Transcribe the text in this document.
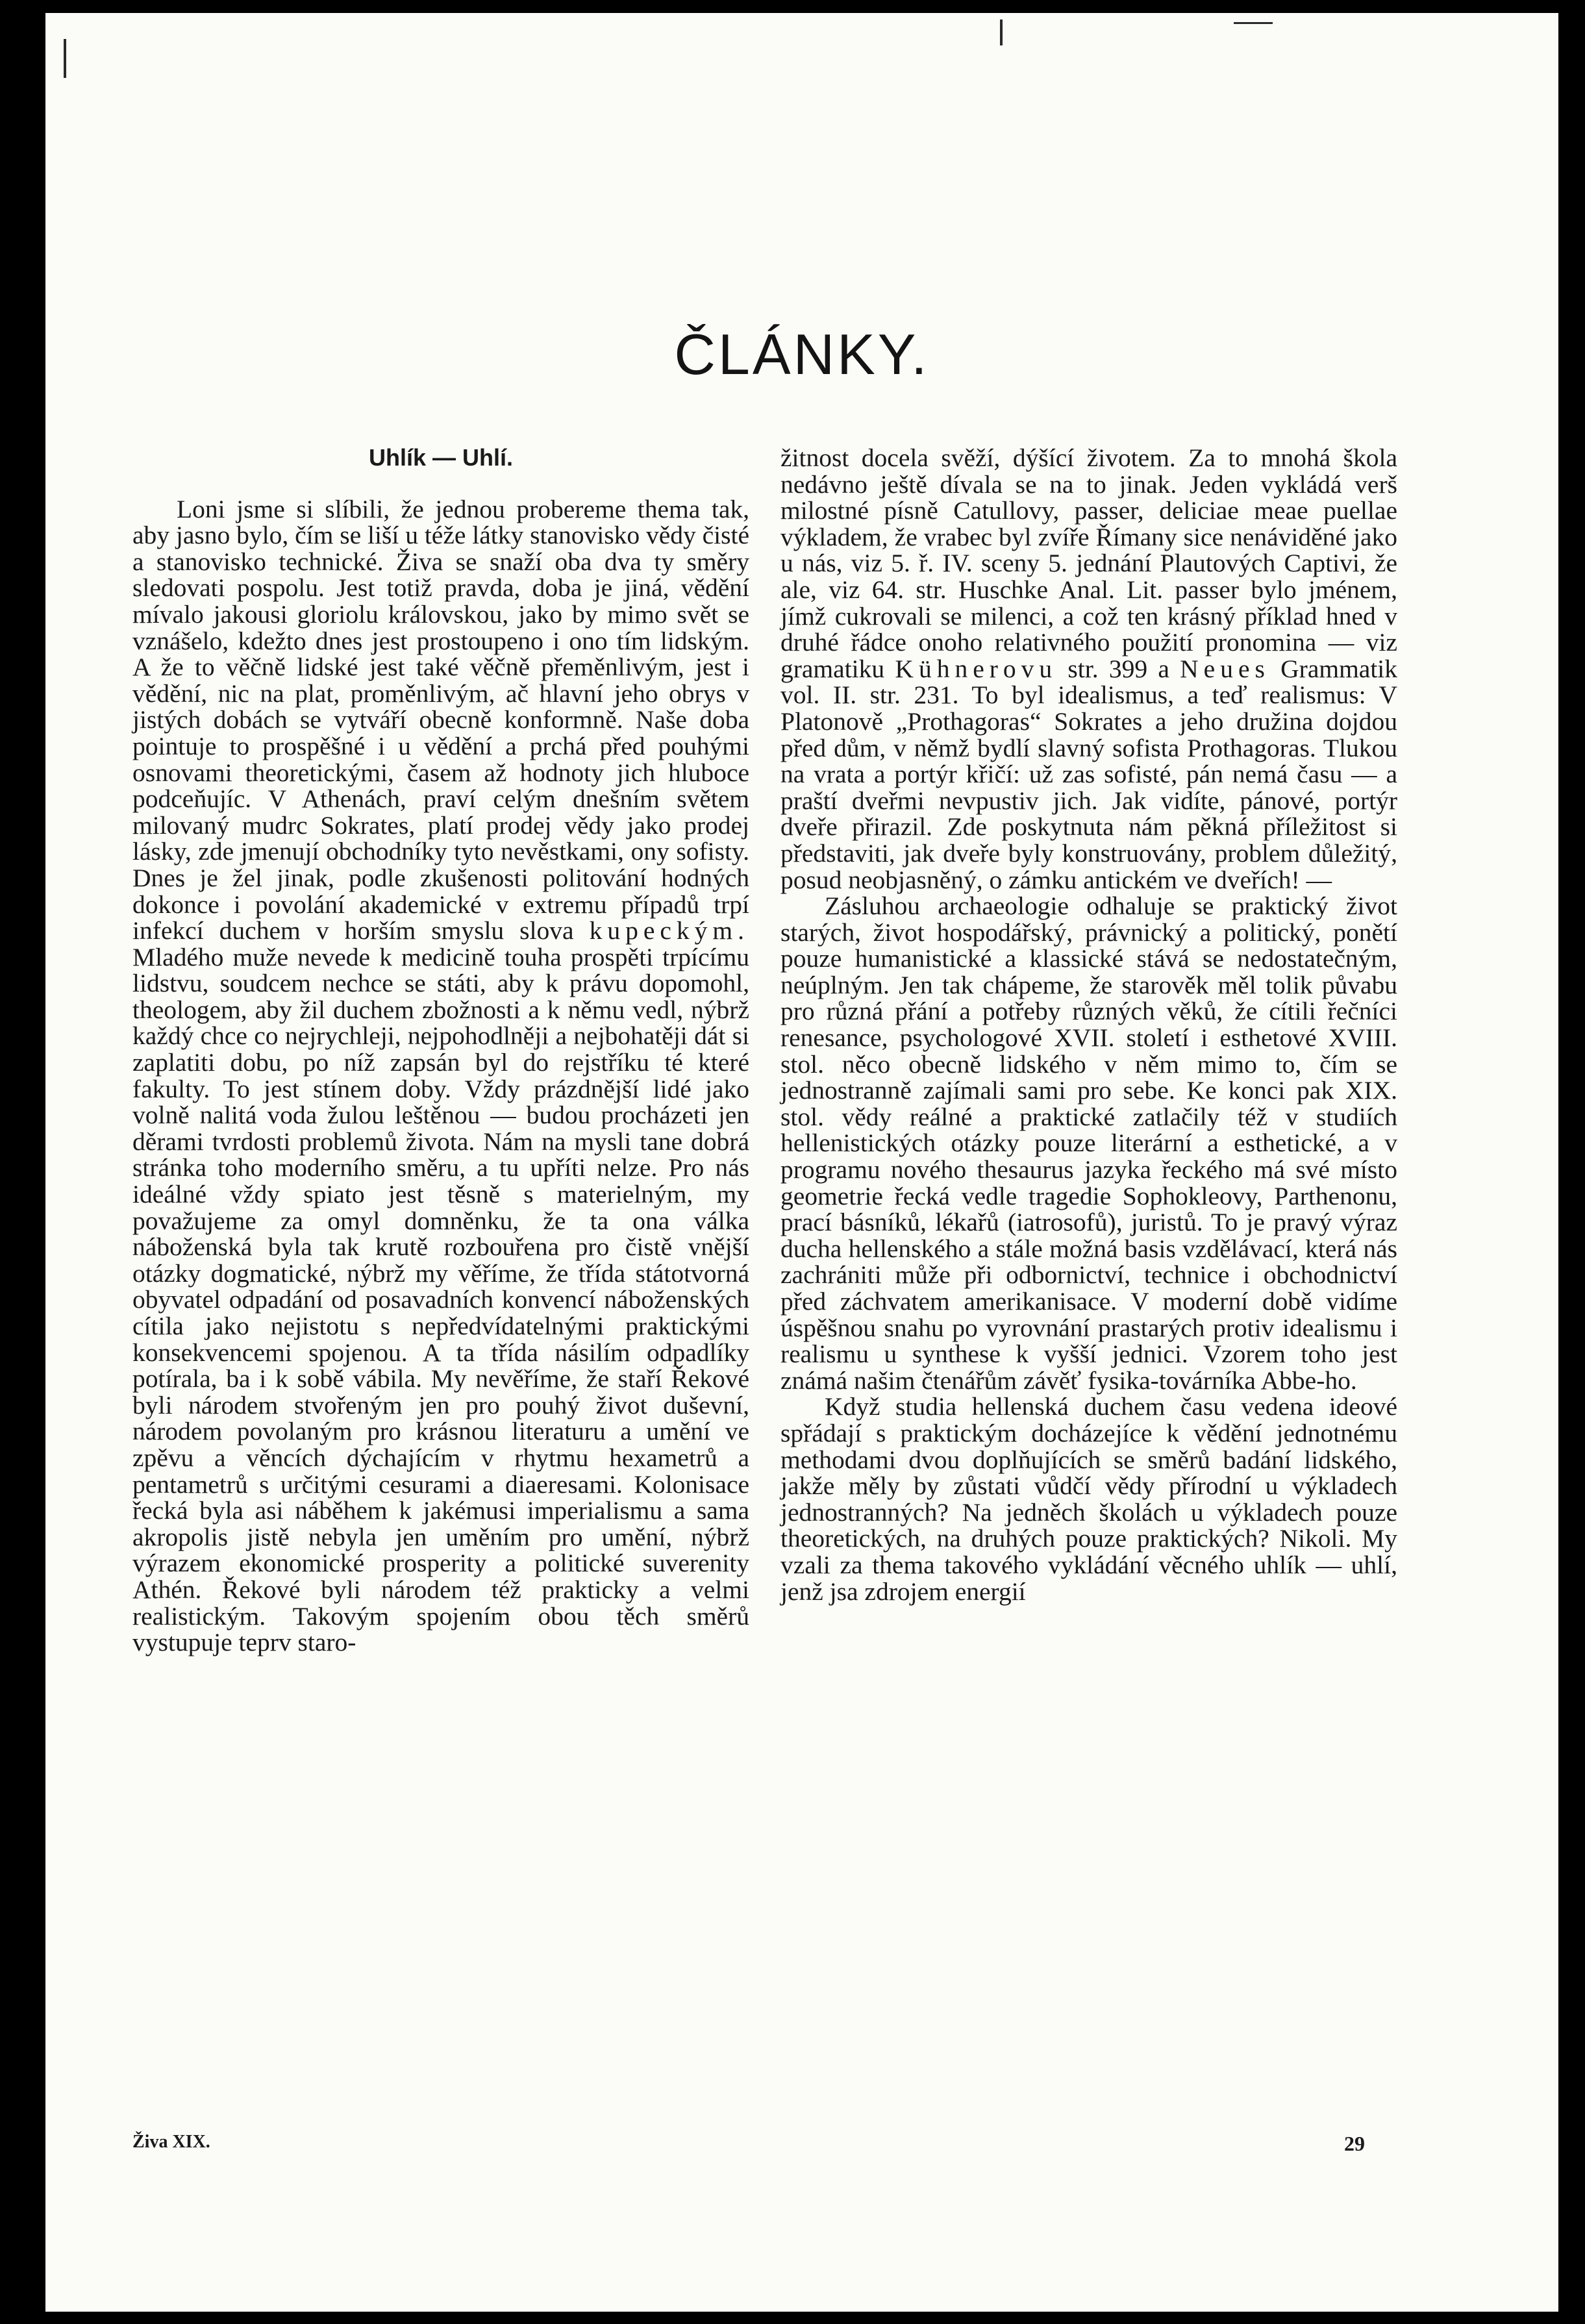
ČLÁNKY.
Uhlík — Uhlí.

Loni jsme si slíbili, že jednou probereme thema tak, aby jasno bylo, čím se liší u téže látky stanovisko vědy čisté a stanovisko technické. Živa se snaží oba dva ty směry sledovati pospolu. Jest totiž pravda, doba je jiná, vědění mívalo jakousi gloriolu královskou, jako by mimo svět se vznášelo, kdežto dnes jest prostoupeno i ono tím lidským. A že to věčně lidské jest také věčně přeměnlivým, jest i vědění, nic na plat, proměnlivým, ač hlavní jeho obrys v jistých dobách se vytváří obecně konformně. Naše doba pointuje to prospěšné i u vědění a prchá před pouhými osnovami theoretickými, časem až hodnoty jich hluboce podceňujíc. V Athenách, praví celým dnešním světem milovaný mudrc Sokrates, platí prodej vědy jako prodej lásky, zde jmenují obchodníky tyto nevěstkami, ony sofisty. Dnes je žel jinak, podle zkušenosti politování hodných dokonce i povolání akademické v extremu případů trpí infekcí duchem v horším smyslu slova kupeckým. Mladého muže nevede k medicině touha prospěti trpícímu lidstvu, soudcem nechce se státi, aby k právu dopomohl, theologem, aby žil duchem zbožnosti a k němu vedl, nýbrž každý chce co nejrychleji, nejpohodlněji a nejbohatěji dát si zaplatiti dobu, po níž zapsán byl do rejstříku té které fakulty. To jest stínem doby. Vždy prázdnější lidé jako volně nalitá voda žulou leštěnou — budou procházeti jen děrami tvrdosti problemů života. Nám na mysli tane dobrá stránka toho moderního směru, a tu upříti nelze. Pro nás ideálné vždy spiato jest těsně s materielným, my považujeme za omyl domněnku, že ta ona válka náboženská byla tak krutě rozbouřena pro čistě vnější otázky dogmatické, nýbrž my věříme, že třída státotvorná obyvatel odpadání od posavadních konvencí náboženských cítila jako nejistotu s nepředvídatelnými praktickými konsekvencemi spojenou. A ta třída násilím odpadlíky potírala, ba i k sobě vábila. My nevěříme, že staří Řekové byli národem stvořeným jen pro pouhý život duševní, národem povolaným pro krásnou literaturu a umění ve zpěvu a věncích dýchajícím v rhytmu hexametrů a pentametrů s určitými cesurami a diaeresami. Kolonisace řecká byla asi náběhem k jakémusi imperialismu a sama akropolis jistě nebyla jen uměním pro umění, nýbrž výrazem ekonomické prosperity a politické suverenity Athén. Řekové byli národem též prakticky a velmi realistickým. Takovým spojením obou těch směrů vystupuje teprv staro-

žitnost docela svěží, dýšící životem. Za to mnohá škola nedávno ještě dívala se na to jinak. Jeden vykládá verš milostné písně Catullovy, passer, deliciae meae puellae výkladem, že vrabec byl zvíře Římany sice nenáviděné jako u nás, viz 5. ř. IV. sceny 5. jednání Plautových Captivi, že ale, viz 64. str. Huschke Anal. Lit. passer bylo jménem, jímž cukrovali se milenci, a což ten krásný příklad hned v druhé řádce onoho relativného použití pronomina — viz gramatiku Kühnerovu str. 399 a Neues Grammatik vol. II. str. 231. To byl idealismus, a teď realismus: V Platonově „Prothagoras“ Sokrates a jeho družina dojdou před dům, v němž bydlí slavný sofista Prothagoras. Tlukou na vrata a portýr křičí: už zas sofisté, pán nemá času — a praští dveřmi nevpustiv jich. Jak vidíte, pánové, portýr dveře přirazil. Zde poskytnuta nám pěkná příležitost si představiti, jak dveře byly konstruovány, problem důležitý, posud neobjasněný, o zámku antickém ve dveřích! —

Zásluhou archaeologie odhaluje se praktický život starých, život hospodářský, právnický a politický, ponětí pouze humanistické a klassické stává se nedostatečným, neúplným. Jen tak chápeme, že starověk měl tolik půvabu pro různá přání a potřeby různých věků, že cítili řečníci renesance, psychologové XVII. století i esthetové XVIII. stol. něco obecně lidského v něm mimo to, čím se jednostranně zajímali sami pro sebe. Ke konci pak XIX. stol. vědy reálné a praktické zatlačily též v studiích hellenistických otázky pouze literární a esthetické, a v programu nového thesaurus jazyka řeckého má své místo geometrie řecká vedle tragedie Sophokleovy, Parthenonu, prací básníků, lékařů (iatrosofů), juristů. To je pravý výraz ducha hellenského a stále možná basis vzdělávací, která nás zachrániti může při odbornictví, technice i obchodnictví před záchvatem amerikanisace. V moderní době vidíme úspěšnou snahu po vyrovnání prastarých protiv idealismu i realismu u synthese k vyšší jednici. Vzorem toho jest známá našim čtenářům závěť fysika-továrníka Abbe-ho.

Když studia hellenská duchem času vedena ideové spřádají s praktickým docházejíce k vědění jednotnému methodami dvou doplňujících se směrů badání lidského, jakže měly by zůstati vůdčí vědy přírodní u výkladech jednostranných? Na jedněch školách u výkladech pouze theoretických, na druhých pouze praktických? Nikoli. My vzali za thema takového vykládání věcného uhlík — uhlí, jenž jsa zdrojem energií

Živa XIX.	29
